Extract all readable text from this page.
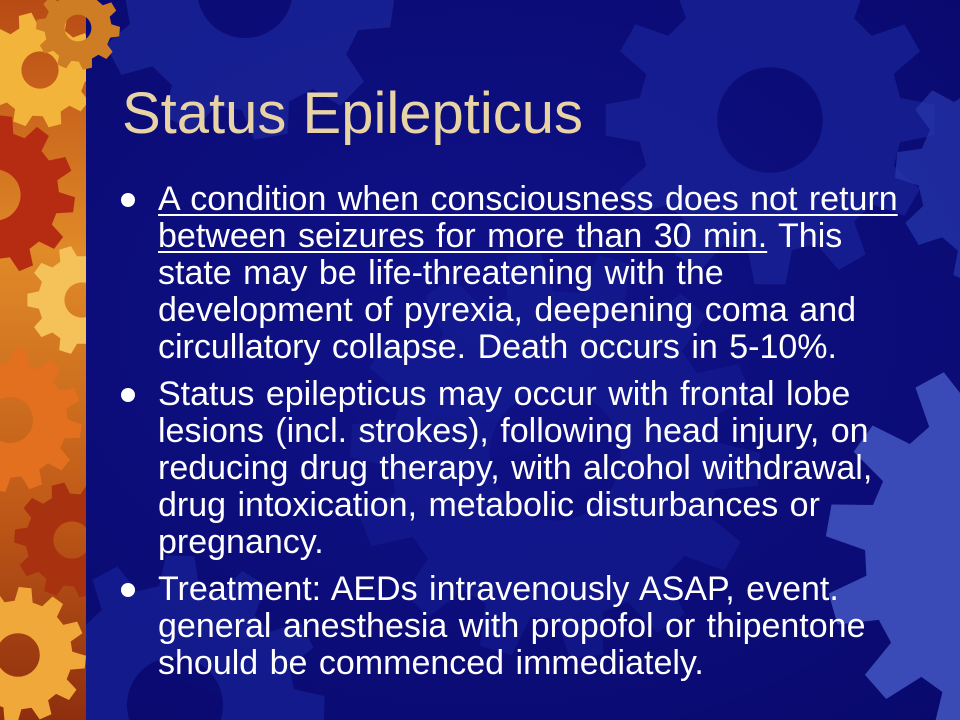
Status Epilepticus
A condition when consciousness does not return
between seizures for more than 30 min. This
state may be life-threatening with the
development of pyrexia, deepening coma and
circullatory collapse. Death occurs in 5-10%.
Status epilepticus may occur with frontal lobe
lesions (incl. strokes), following head injury, on
reducing drug therapy, with alcohol withdrawal,
drug intoxication, metabolic disturbances or
pregnancy.
Treatment: AEDs intravenously ASAP, event.
general anesthesia with propofol or thipentone
should be commenced immediately.
